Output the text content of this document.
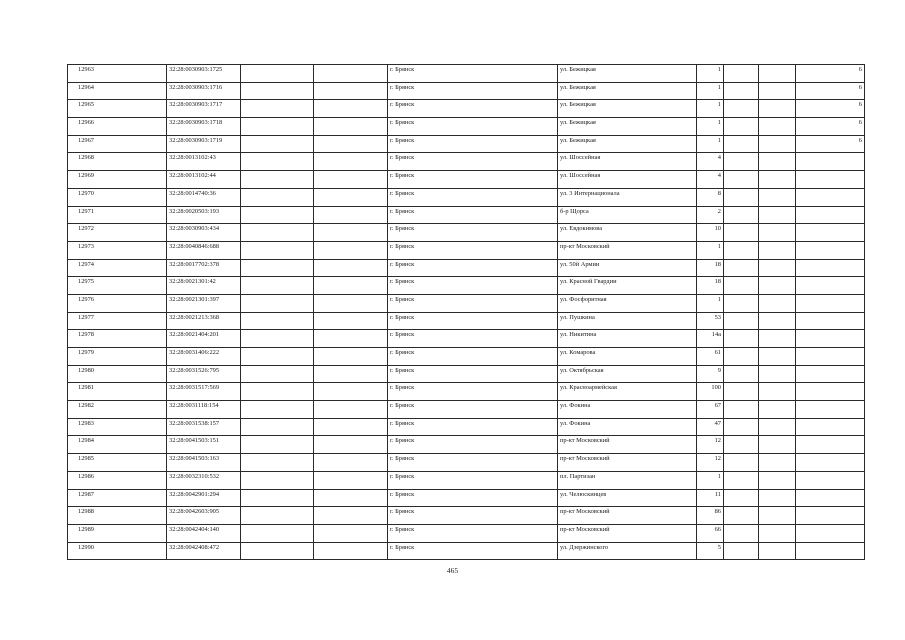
12963	32:28:0030903:1725			г. Брянск	ул. Бежицкая	1			6
12964	32:28:0030903:1716			г. Брянск	ул. Бежицкая	1			6
12965	32:28:0030903:1717			г. Брянск	ул. Бежицкая	1			6
12966	32:28:0030903:1718			г. Брянск	ул. Бежицкая	1			6
12967	32:28:0030903:1719			г. Брянск	ул. Бежицкая	1			6
12968	32:28:0013102:43			г. Брянск	ул. Шоссейная	4			
12969	32:28:0013102:44			г. Брянск	ул. Шоссейная	4			
12970	32:28:0014740:36			г. Брянск	ул. 3 Интернационала	8			
12971	32:28:0020503:193			г. Брянск	б-р Щорса	2			
12972	32:28:0030903:434			г. Брянск	ул. Евдокимова	10			
12973	32:28:0040846:688			г. Брянск	пр-кт Московский	1			
12974	32:28:0017702:378			г. Брянск	ул. 50й Армии	18			
12975	32:28:0021301:42			г. Брянск	ул. Красной Гвардии	18			
12976	32:28:0021301:397			г. Брянск	ул. Фосфоритная	1			
12977	32:28:0021213:368			г. Брянск	ул. Пушкина	53			
12978	32:28:0021404:201			г. Брянск	ул. Никитина	14а			
12979	32:28:0031406:222			г. Брянск	ул. Комарова	61			
12980	32:28:0031526:795			г. Брянск	ул. Октябрьская	9			
12981	32:28:0031517:569			г. Брянск	ул. Красноармейская	100			
12982	32:28:0031118:154			г. Брянск	ул. Фокина	67			
12983	32:28:0031538:157			г. Брянск	ул. Фокина	47			
12984	32:28:0041503:151			г. Брянск	пр-кт Московский	12			
12985	32:28:0041503:163			г. Брянск	пр-кт Московский	12			
12986	32:28:0032310:532			г. Брянск	пл. Партизан	1			
12987	32:28:0042901:294			г. Брянск	ул. Челюскинцев	11			
12988	32:28:0042603:905			г. Брянск	пр-кт Московский	86			
12989	32:28:0042404:140			г. Брянск	пр-кт Московский	66			
12990	32:28:0042408:472			г. Брянск	ул. Дзержинского	5			
465
